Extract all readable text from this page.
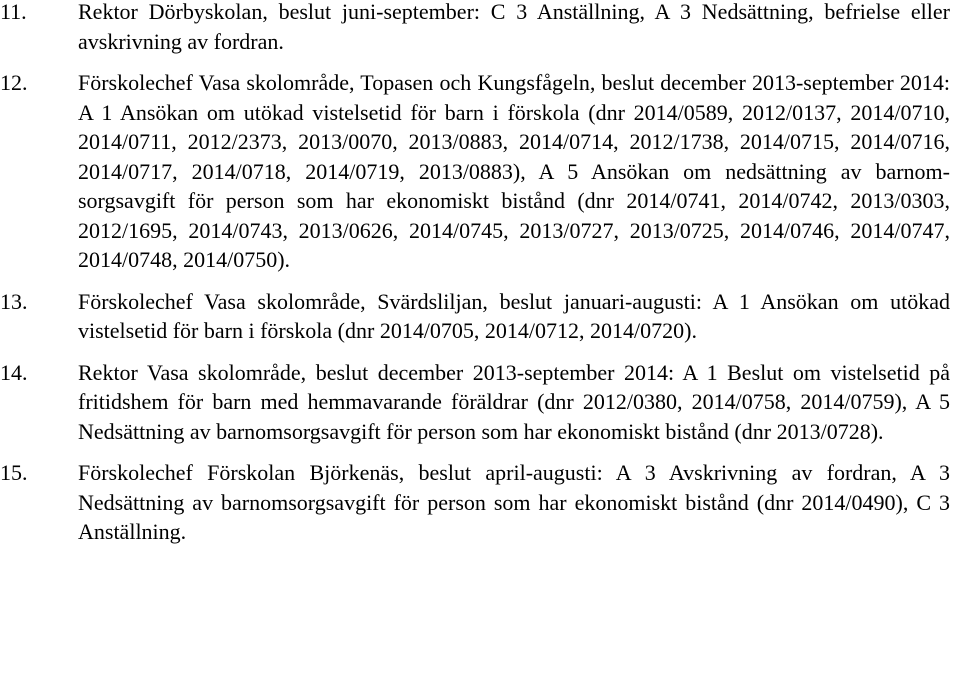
11.	Rektor Dörbyskolan, beslut juni-september: C 3 Anställning, A 3 Nedsättning, befrielse eller avskrivning av fordran.
12.	Förskolechef Vasa skolområde, Topasen och Kungsfågeln, beslut december 2013-september 2014: A 1 Ansökan om utökad vistelsetid för barn i förskola (dnr 2014/0589, 2012/0137, 2014/0710, 2014/0711, 2012/2373, 2013/0070, 2013/0883, 2014/0714, 2012/1738, 2014/0715, 2014/0716, 2014/0717, 2014/0718, 2014/0719, 2013/0883), A 5 Ansökan om nedsättning av barnomsorgsavgift för person som har ekonomiskt bistånd (dnr 2014/0741, 2014/0742, 2013/0303, 2012/1695, 2014/0743, 2013/0626, 2014/0745, 2013/0727, 2013/0725, 2014/0746, 2014/0747, 2014/0748, 2014/0750).
13.	Förskolechef Vasa skolområde, Svärdsliljan, beslut januari-augusti: A 1 Ansökan om utökad vistelsetid för barn i förskola (dnr 2014/0705, 2014/0712, 2014/0720).
14.	Rektor Vasa skolområde, beslut december 2013-september 2014: A 1 Beslut om vistelsetid på fritidshem för barn med hemmavarande föräldrar (dnr 2012/0380, 2014/0758, 2014/0759), A 5 Nedsättning av barnomsorgsavgift för person som har ekonomiskt bistånd (dnr 2013/0728).
15.	Förskolechef Förskolan Björkenäs, beslut april-augusti: A 3 Avskrivning av fordran, A 3 Nedsättning av barnomsorgsavgift för person som har ekonomiskt bistånd (dnr 2014/0490), C 3 Anställning.
